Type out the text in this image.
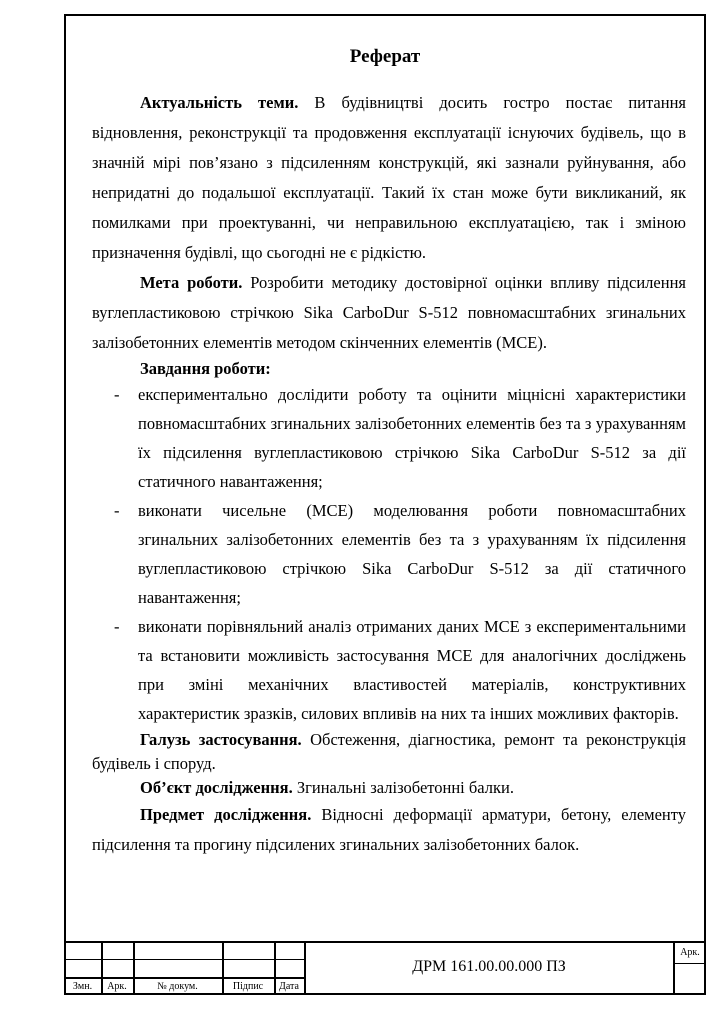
Реферат

Актуальність теми. В будівництві досить гостро постає питання відновлення, реконструкції та продовження експлуатації існуючих будівель, що в значній мірі пов’язано з підсиленням конструкцій, які зазнали руйнування, або непридатні до подальшої експлуатації. Такий їх стан може бути викликаний, як помилками при проектуванні, чи неправильною експлуатацією, так і зміною призначення будівлі, що сьогодні не є рідкістю.

Мета роботи. Розробити методику достовірної оцінки впливу підсилення вуглепластиковою стрічкою Sika CarboDur S-512 повномасштабних згинальних залізобетонних елементів методом скінченних елементів (МСЕ).

Завдання роботи:
- експериментально дослідити роботу та оцінити міцнісні характеристики повномасштабних згинальних залізобетонних елементів без та з урахуванням їх підсилення вуглепластиковою стрічкою Sika CarboDur S-512 за дії статичного навантаження;
- виконати чисельне (МСЕ) моделювання роботи повномасштабних згинальних залізобетонних елементів без та з урахуванням їх підсилення вуглепластиковою стрічкою Sika CarboDur S-512 за дії статичного навантаження;
- виконати порівняльний аналіз отриманих даних МСЕ з експериментальними та встановити можливість застосування МСЕ для аналогічних досліджень при зміні механічних властивостей матеріалів, конструктивних характеристик зразків, силових впливів на них та інших можливих факторів.

Галузь застосування. Обстеження, діагностика, ремонт та реконструкція будівель і споруд.

Об’єкт дослідження. Згинальні залізобетонні балки.

Предмет дослідження. Відносні деформації арматури, бетону, елементу підсилення та прогину підсилених згинальних залізобетонних балок.

Змн.	Арк.	№ докум.	Підпис	Дата
ДРМ 161.00.00.000 ПЗ
Арк.
